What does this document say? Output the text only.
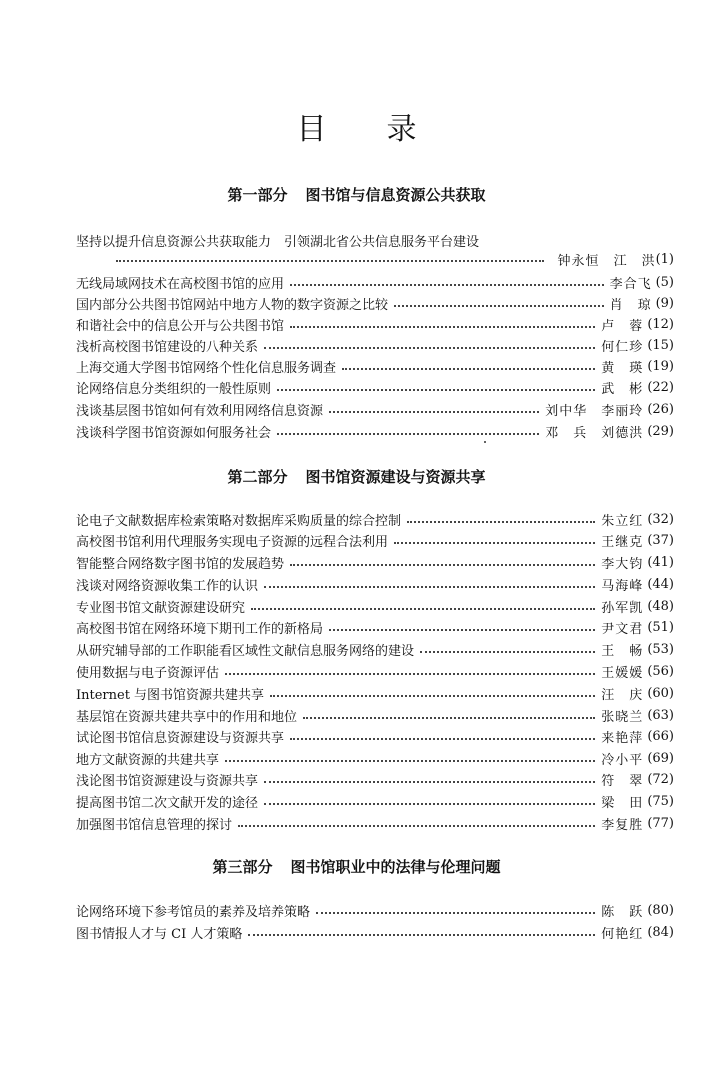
目 录
第一部分 图书馆与信息资源公共获取
坚持以提升信息资源公共获取能力　引领湖北省公共信息服务平台建设
钟永恒 江　洪 (1)
无线局域网技术在高校图书馆的应用	李合飞 (5)
国内部分公共图书馆网站中地方人物的数字资源之比较	肖　琼 (9)
和谐社会中的信息公开与公共图书馆	卢　蓉 (12)
浅析高校图书馆建设的八种关系	何仁珍 (15)
上海交通大学图书馆网络个性化信息服务调查	黄　瑛 (19)
论网络信息分类组织的一般性原则	武　彬 (22)
浅谈基层图书馆如何有效利用网络信息资源	刘中华　李丽玲 (26)
浅谈科学图书馆资源如何服务社会	邓　兵　刘德洪 (29)
第二部分 图书馆资源建设与资源共享
论电子文献数据库检索策略对数据库采购质量的综合控制	朱立红 (32)
高校图书馆利用代理服务实现电子资源的远程合法利用	王继克 (37)
智能整合网络数字图书馆的发展趋势	李大钧 (41)
浅谈对网络资源收集工作的认识	马海峰 (44)
专业图书馆文献资源建设研究	孙军凯 (48)
高校图书馆在网络环境下期刊工作的新格局	尹文君 (51)
从研究辅导部的工作职能看区域性文献信息服务网络的建设	王　畅 (53)
使用数据与电子资源评估	王媛媛 (56)
Internet 与图书馆资源共建共享	汪　庆 (60)
基层馆在资源共建共享中的作用和地位	张晓兰 (63)
试论图书馆信息资源建设与资源共享	来艳萍 (66)
地方文献资源的共建共享	冷小平 (69)
浅论图书馆资源建设与资源共享	符　翠 (72)
提高图书馆二次文献开发的途径	梁　田 (75)
加强图书馆信息管理的探讨	李复胜 (77)
第三部分 图书馆职业中的法律与伦理问题
论网络环境下参考馆员的素养及培养策略	陈　跃 (80)
图书情报人才与 CI 人才策略	何艳红 (84)
